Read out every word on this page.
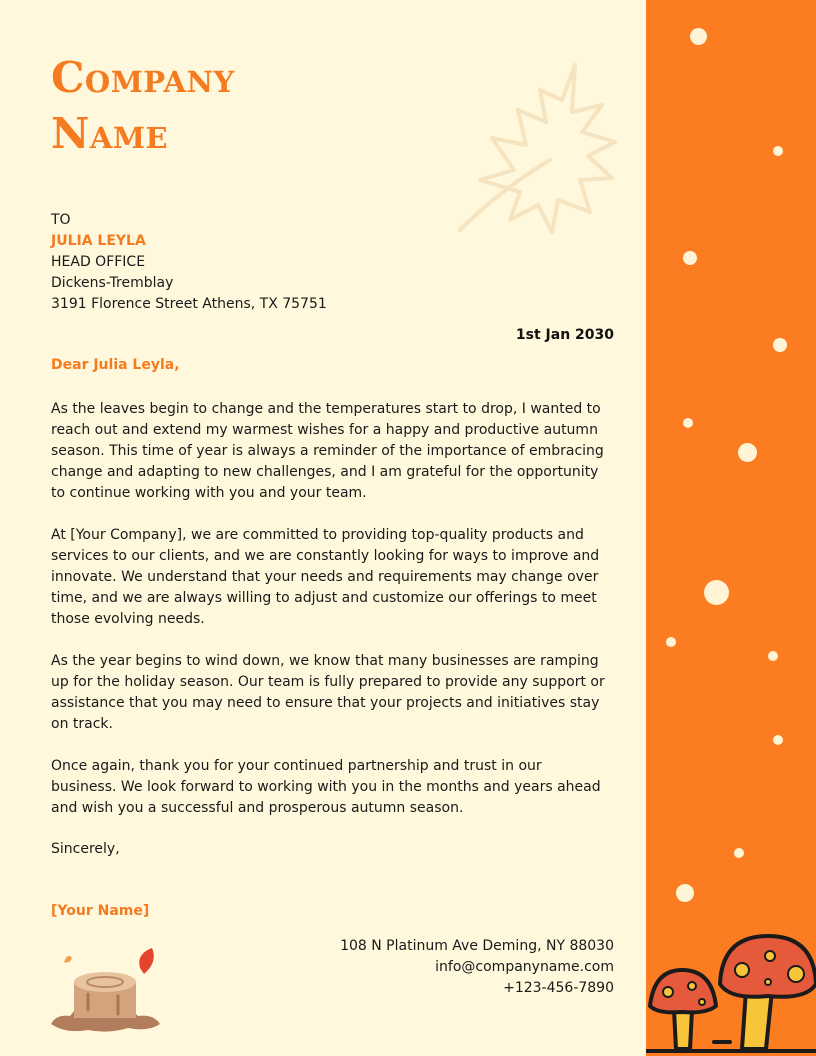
Company
Name
TO
JULIA LEYLA
HEAD OFFICE
Dickens-Tremblay
3191 Florence Street Athens, TX 75751
1st Jan 2030
Dear Julia Leyla,
As the leaves begin to change and the temperatures start to drop, I wanted to reach out and extend my warmest wishes for a happy and productive autumn season. This time of year is always a reminder of the importance of embracing change and adapting to new challenges, and I am grateful for the opportunity to continue working with you and your team.
At [Your Company], we are committed to providing top-quality products and services to our clients, and we are constantly looking for ways to improve and innovate. We understand that your needs and requirements may change over time, and we are always willing to adjust and customize our offerings to meet those evolving needs.
As the year begins to wind down, we know that many businesses are ramping up for the holiday season. Our team is fully prepared to provide any support or assistance that you may need to ensure that your projects and initiatives stay on track.
Once again, thank you for your continued partnership and trust in our business. We look forward to working with you in the months and years ahead and wish you a successful and prosperous autumn season.
Sincerely,
[Your Name]
108 N Platinum Ave Deming, NY 88030
info@companyname.com
+123-456-7890
